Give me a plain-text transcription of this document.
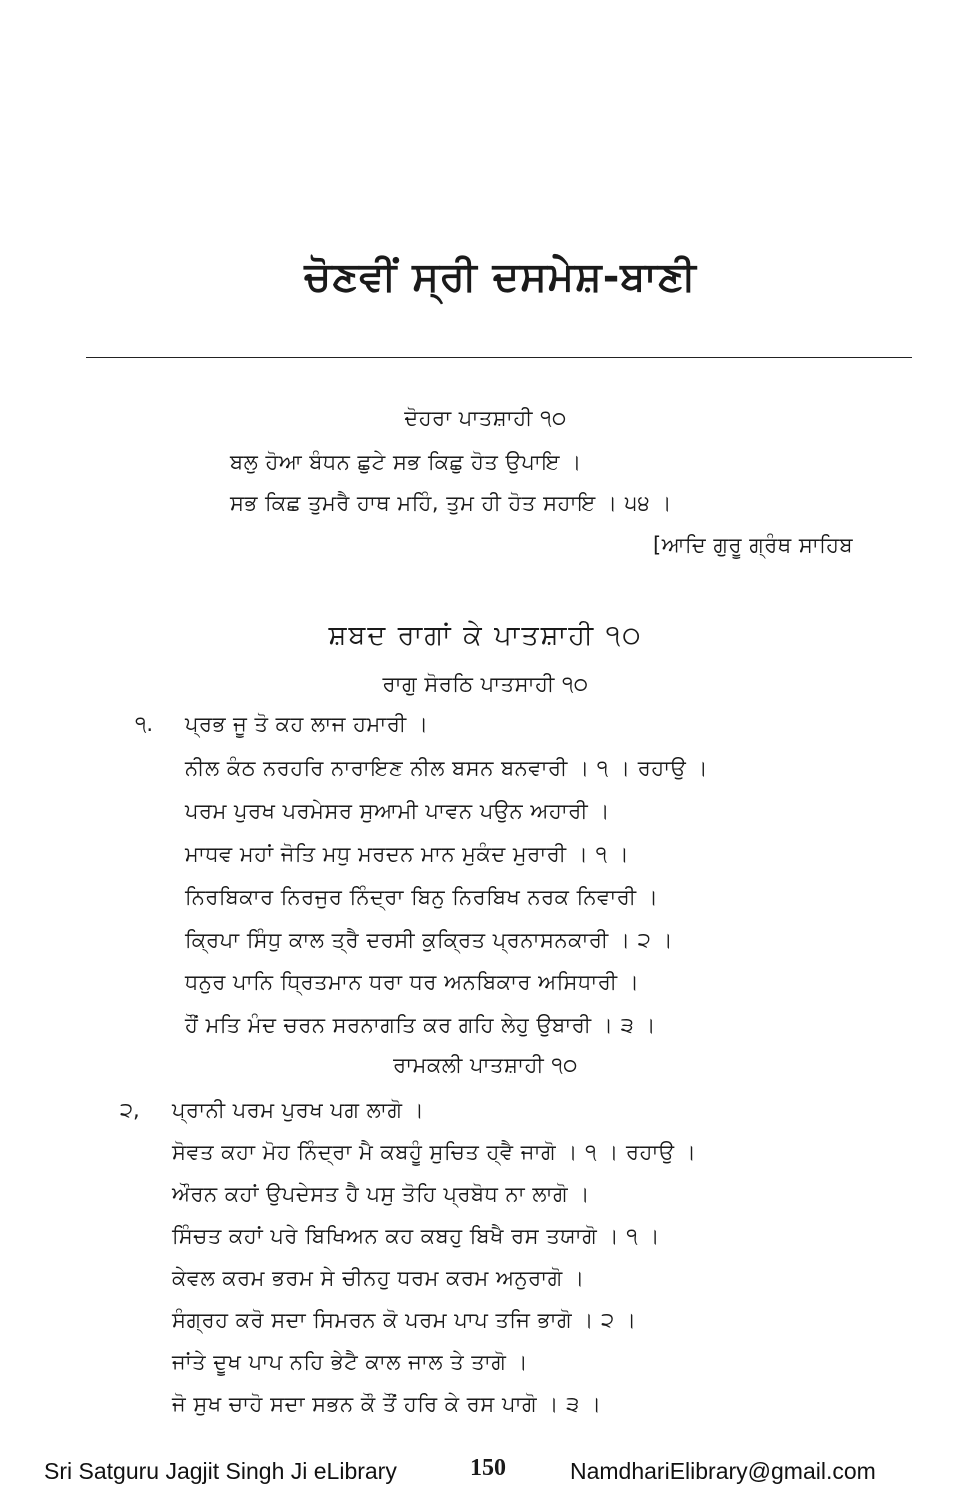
ਚੋਣਵੀਂ ਸ੍ਰੀ ਦਸਮੇਸ਼-ਬਾਣੀ
ਦੋਹਰਾ ਪਾਤਸ਼ਾਹੀ ੧੦
ਬਲੁ ਹੋਆ ਬੰਧਨ ਛੁਟੇ ਸਭ ਕਿਛੁ ਹੋਤ ਉਪਾਇ ।
ਸਭ ਕਿਛ ਤੁਮਰੈ ਹਾਥ ਮਹਿੰ, ਤੁਮ ਹੀ ਹੋਤ ਸਹਾਇ । ੫੪ ।
[ਆਦਿ ਗੁਰੂ ਗ੍ਰੰਥ ਸਾਹਿਬ
ਸ਼ਬਦ ਰਾਗਾਂ ਕੇ ਪਾਤਸ਼ਾਹੀ ੧੦
ਰਾਗੁ ਸੋਰਠਿ ਪਾਤਸਾਹੀ ੧੦
੧. ਪ੍ਰਭ ਜੂ ਤੋ ਕਹ ਲਾਜ ਹਮਾਰੀ ।
ਨੀਲ ਕੰਠ ਨਰਹਰਿ ਨਾਰਾਇਣ ਨੀਲ ਬਸਨ ਬਨਵਾਰੀ । ੧ । ਰਹਾਉ ।
ਪਰਮ ਪੁਰਖ ਪਰਮੇਸਰ ਸੁਆਮੀ ਪਾਵਨ ਪਉਨ ਅਹਾਰੀ ।
ਮਾਧਵ ਮਹਾਂ ਜੋਤਿ ਮਧੁ ਮਰਦਨ ਮਾਨ ਮੁਕੰਦ ਮੁਰਾਰੀ । ੧ ।
ਨਿਰਬਿਕਾਰ ਨਿਰਜੁਰ ਨਿੰਦ੍ਰਾ ਬਿਨੁ ਨਿਰਬਿਖ ਨਰਕ ਨਿਵਾਰੀ ।
ਕ੍ਰਿਪਾ ਸਿੰਧੁ ਕਾਲ ਤ੍ਰੈ ਦਰਸੀ ਕੁਕ੍ਰਿਤ ਪ੍ਰਨਾਸਨਕਾਰੀ । ੨ ।
ਧਨੁਰ ਪਾਨਿ ਧ੍ਰਿਤਮਾਨ ਧਰਾ ਧਰ ਅਨਬਿਕਾਰ ਅਸਿਧਾਰੀ ।
ਹੌਂ ਮਤਿ ਮੰਦ ਚਰਨ ਸਰਨਾਗਤਿ ਕਰ ਗਹਿ ਲੇਹੁ ਉਬਾਰੀ । ੩ ।
ਰਾਮਕਲੀ ਪਾਤਸ਼ਾਹੀ ੧੦
੨, ਪ੍ਰਾਨੀ ਪਰਮ ਪੁਰਖ ਪਗ ਲਾਗੋ ।
ਸੋਵਤ ਕਹਾ ਮੋਹ ਨਿੰਦ੍ਰਾ ਮੈ ਕਬਹੂੰ ਸੁਚਿਤ ਹ੍ਵੈ ਜਾਗੋ । ੧ । ਰਹਾਉ ।
ਔਰਨ ਕਹਾਂ ਉਪਦੇਸਤ ਹੈ ਪਸੁ ਤੋਹਿ ਪ੍ਰਬੋਧ ਨਾ ਲਾਗੋ ।
ਸਿੰਚਤ ਕਹਾਂ ਪਰੇ ਬਿਖਿਅਨ ਕਹ ਕਬਹੁ ਬਿਖੈ ਰਸ ਤਯਾਗੋ । ੧ ।
ਕੇਵਲ ਕਰਮ ਭਰਮ ਸੇ ਚੀਨਹੁ ਧਰਮ ਕਰਮ ਅਨੁਰਾਗੋ ।
ਸੰਗ੍ਰਹ ਕਰੋ ਸਦਾ ਸਿਮਰਨ ਕੋ ਪਰਮ ਪਾਪ ਤਜਿ ਭਾਗੋ । ੨ ।
ਜਾਂਤੇ ਦੂਖ ਪਾਪ ਨਹਿ ਭੇਟੈ ਕਾਲ ਜਾਲ ਤੇ ਤਾਗੋ ।
ਜੋ ਸੁਖ ਚਾਹੋ ਸਦਾ ਸਭਨ ਕੌ ਤੌਂ ਹਰਿ ਕੇ ਰਸ ਪਾਗੋ । ੩ ।
Sri Satguru Jagjit Singh Ji eLibrary	150	NamdhariElibrary@gmail.com
